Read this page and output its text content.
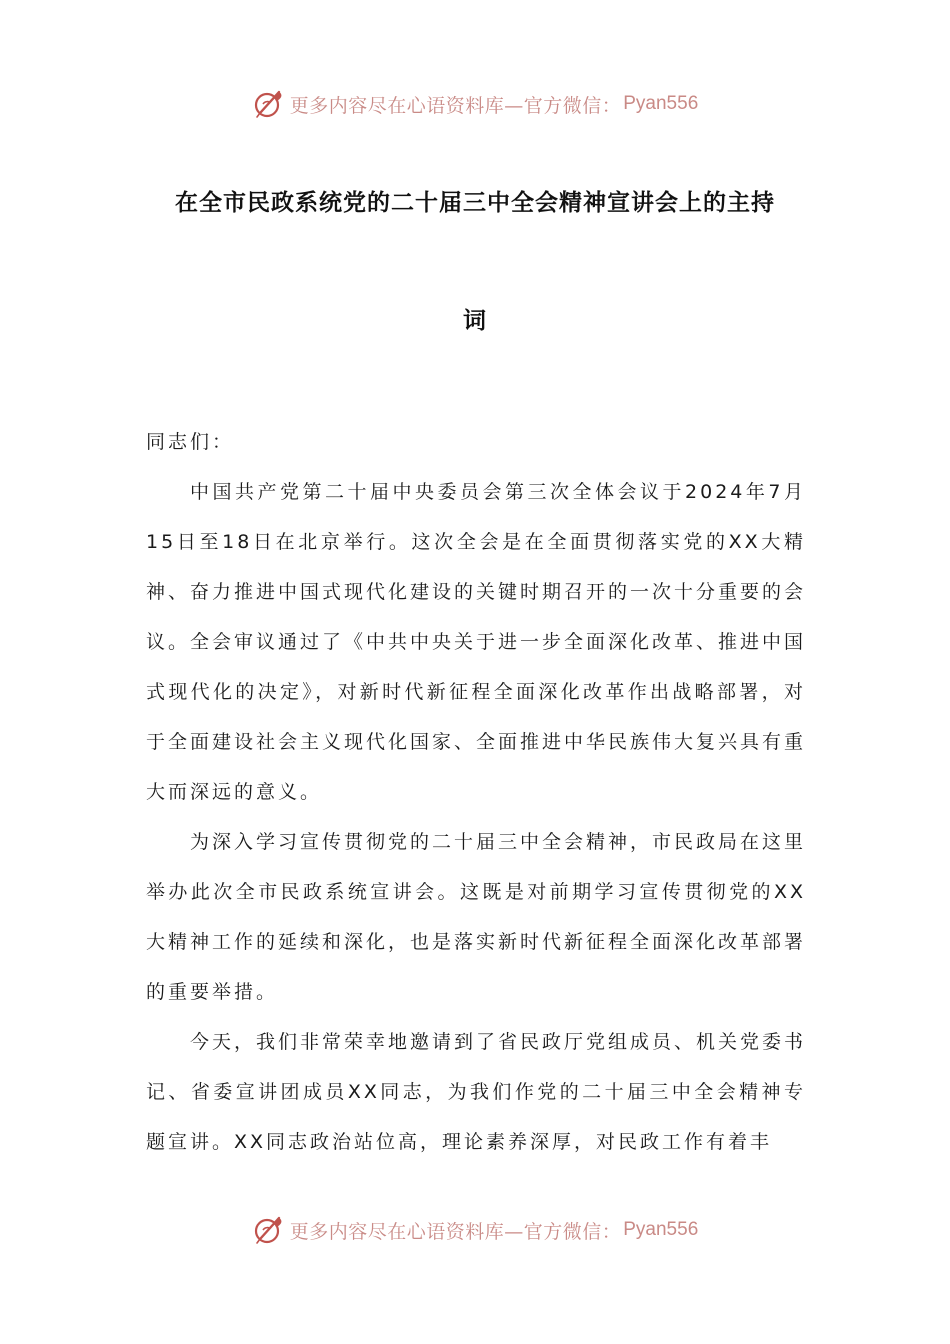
更多内容尽在心语资料库—官方微信： Pyan556
在全市民政系统党的二十届三中全会精神宣讲会上的主持
词

同志们：

中国共产党第二十届中央委员会第三次全体会议于2024年7月15日至18日在北京举行。这次全会是在全面贯彻落实党的XX大精神、奋力推进中国式现代化建设的关键时期召开的一次十分重要的会议。全会审议通过了《中共中央关于进一步全面深化改革、推进中国式现代化的决定》，对新时代新征程全面深化改革作出战略部署，对于全面建设社会主义现代化国家、全面推进中华民族伟大复兴具有重大而深远的意义。

为深入学习宣传贯彻党的二十届三中全会精神，市民政局在这里举办此次全市民政系统宣讲会。这既是对前期学习宣传贯彻党的XX大精神工作的延续和深化，也是落实新时代新征程全面深化改革部署的重要举措。

今天，我们非常荣幸地邀请到了省民政厅党组成员、机关党委书记、省委宣讲团成员XX同志，为我们作党的二十届三中全会精神专题宣讲。XX同志政治站位高，理论素养深厚，对民政工作有着丰

更多内容尽在心语资料库—官方微信： Pyan556
